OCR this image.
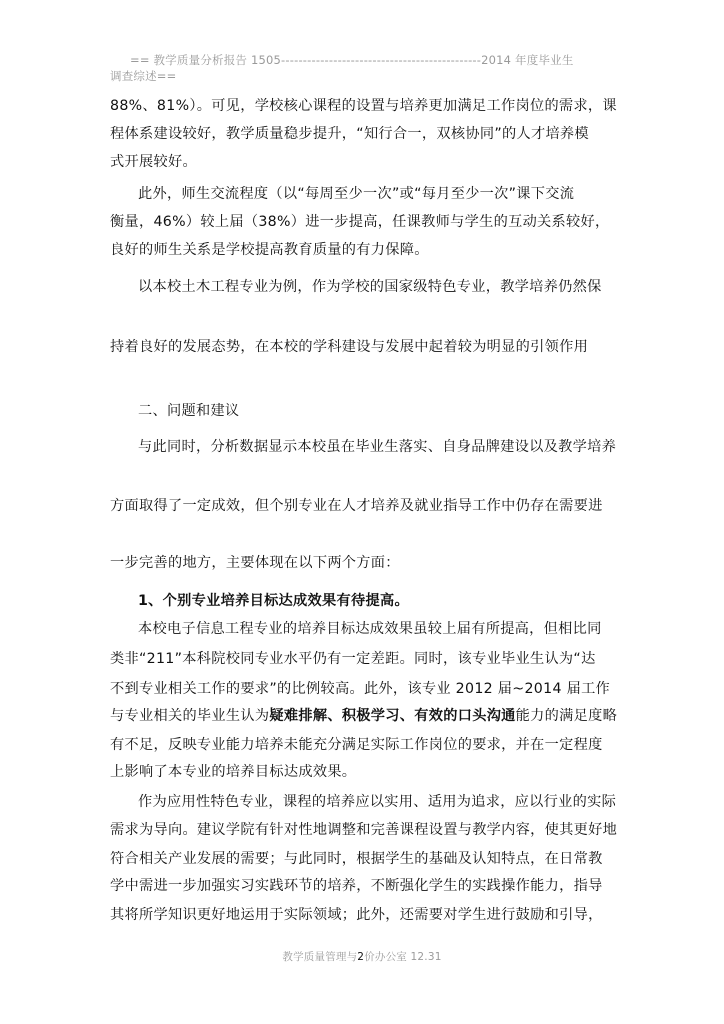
== 教学质量分析报告 1505----------------------------------------------2014 年度毕业生
调查综述==
88%、81%）。可见，学校核心课程的设置与培养更加满足工作岗位的需求，课
程体系建设较好，教学质量稳步提升，“知行合一，双核协同”的人才培养模
式开展较好。
此外，师生交流程度（以“每周至少一次”或“每月至少一次”课下交流
衡量，46%）较上届（38%）进一步提高，任课教师与学生的互动关系较好，
良好的师生关系是学校提高教育质量的有力保障。
以本校土木工程专业为例，作为学校的国家级特色专业，教学培养仍然保
持着良好的发展态势，在本校的学科建设与发展中起着较为明显的引领作用
二、问题和建议
与此同时，分析数据显示本校虽在毕业生落实、自身品牌建设以及教学培养
方面取得了一定成效，但个别专业在人才培养及就业指导工作中仍存在需要进
一步完善的地方，主要体现在以下两个方面：
1、个别专业培养目标达成效果有待提高。
本校电子信息工程专业的培养目标达成效果虽较上届有所提高，但相比同
类非“211”本科院校同专业水平仍有一定差距。同时，该专业毕业生认为“达
不到专业相关工作的要求”的比例较高。此外，该专业 2012 届~2014 届工作
与专业相关的毕业生认为疑难排解、积极学习、有效的口头沟通能力的满足度略
有不足，反映专业能力培养未能充分满足实际工作岗位的要求，并在一定程度
上影响了本专业的培养目标达成效果。
作为应用性特色专业，课程的培养应以实用、适用为追求，应以行业的实际
需求为导向。建议学院有针对性地调整和完善课程设置与教学内容，使其更好地
符合相关产业发展的需要；与此同时，根据学生的基础及认知特点，在日常教
学中需进一步加强实习实践环节的培养，不断强化学生的实践操作能力，指导
其将所学知识更好地运用于实际领域；此外，还需要对学生进行鼓励和引导，
教学质量管理与2价办公室 12.31
